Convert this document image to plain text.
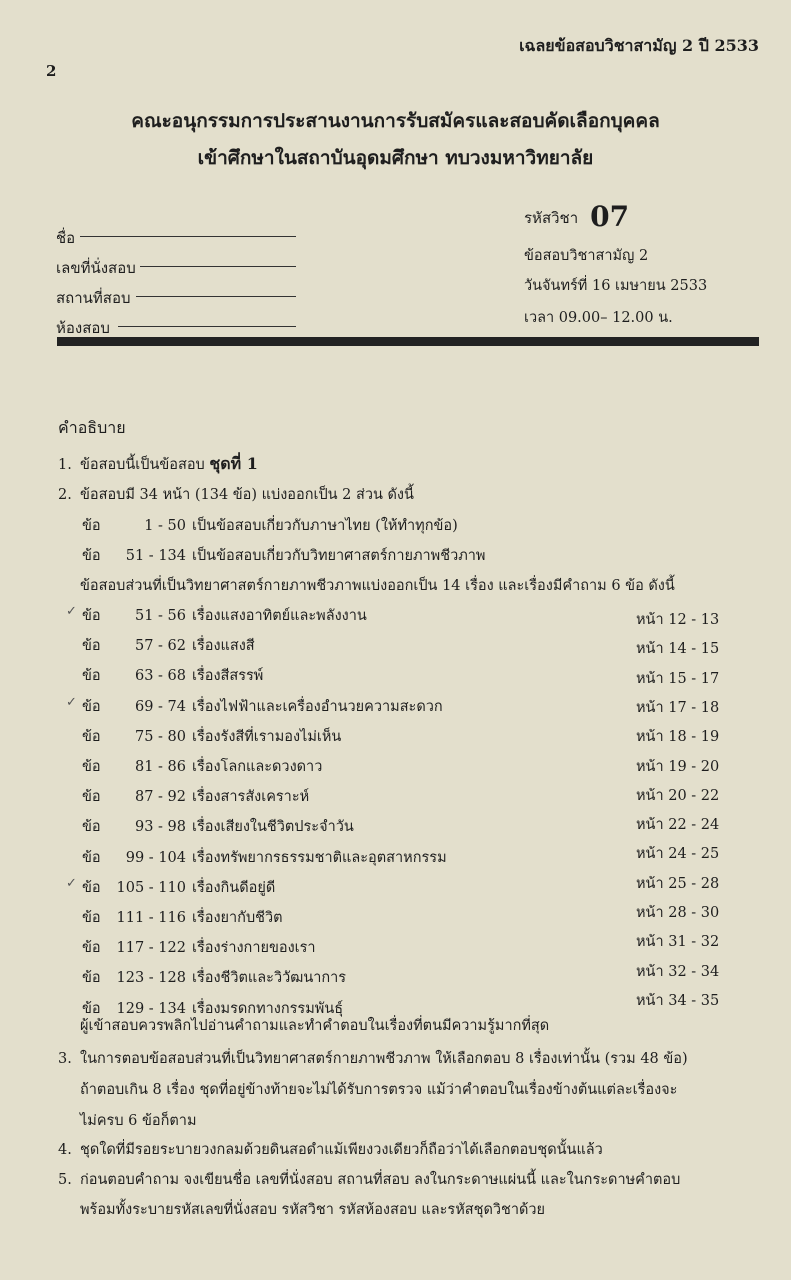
เฉลยข้อสอบวิชาสามัญ 2 ปี 2533
2
คณะอนุกรรมการประสานงานการรับสมัครและสอบคัดเลือกบุคคล
เข้าศึกษาในสถาบันอุดมศึกษา ทบวงมหาวิทยาลัย
ชื่อ
เลขที่นั่งสอบ
สถานที่สอบ
ห้องสอบ
รหัสวิชา 07
ข้อสอบวิชาสามัญ 2
วันจันทร์ที่ 16 เมษายน 2533
เวลา 09.00– 12.00 น.
คำอธิบาย
1. ข้อสอบนี้เป็นข้อสอบ ชุดที่ 1
2. ข้อสอบมี 34 หน้า (134 ข้อ) แบ่งออกเป็น 2 ส่วน ดังนี้
ข้อ	1 - 50 เป็นข้อสอบเกี่ยวกับภาษาไทย (ให้ทำทุกข้อ)
ข้อ 51 - 134 เป็นข้อสอบเกี่ยวกับวิทยาศาสตร์กายภาพชีวภาพ
ข้อสอบส่วนที่เป็นวิทยาศาสตร์กายภาพชีวภาพแบ่งออกเป็น 14 เรื่อง และเรื่องมีคำถาม 6 ข้อ ดังนี้
ข้อ 51 - 56 เรื่องแสงอาทิตย์และพลังงาน	หน้า 12 - 13
✓
ข้อ 57 - 62 เรื่องแสงสี	หน้า 14 - 15
ข้อ 63 - 68 เรื่องสีสรรพ์	หน้า 15 - 17
ข้อ 69 - 74 เรื่องไฟฟ้าและเครื่องอำนวยความสะดวก	หน้า 17 - 18
✓
ข้อ 75 - 80 เรื่องรังสีที่เรามองไม่เห็น	หน้า 18 - 19
ข้อ 81 - 86 เรื่องโลกและดวงดาว	หน้า 19 - 20
ข้อ 87 - 92 เรื่องสารสังเคราะห์	หน้า 20 - 22
ข้อ 93 - 98 เรื่องเสียงในชีวิตประจำวัน	หน้า 22 - 24
ข้อ 99 - 104 เรื่องทรัพยากรธรรมชาติและอุตสาหกรรม	หน้า 24 - 25
ข้อ 105 - 110 เรื่องกินดีอยู่ดี	หน้า 25 - 28
✓
ข้อ 111 - 116 เรื่องยากับชีวิต	หน้า 28 - 30
ข้อ 117 - 122 เรื่องร่างกายของเรา	หน้า 31 - 32
ข้อ 123 - 128 เรื่องชีวิตและวิวัฒนาการ	หน้า 32 - 34
ข้อ 129 - 134 เรื่องมรดกทางกรรมพันธุ์	หน้า 34 - 35
ผู้เข้าสอบควรพลิกไปอ่านคำถามและทำคำตอบในเรื่องที่ตนมีความรู้มากที่สุด
3. ในการตอบข้อสอบส่วนที่เป็นวิทยาศาสตร์กายภาพชีวภาพ ให้เลือกตอบ 8 เรื่องเท่านั้น (รวม 48 ข้อ)
ถ้าตอบเกิน 8 เรื่อง ชุดที่อยู่ข้างท้ายจะไม่ได้รับการตรวจ แม้ว่าคำตอบในเรื่องข้างต้นแต่ละเรื่องจะ
ไม่ครบ 6 ข้อก็ตาม
4. ชุดใดที่มีรอยระบายวงกลมด้วยดินสอดำแม้เพียงวงเดียวก็ถือว่าได้เลือกตอบชุดนั้นแล้ว
5. ก่อนตอบคำถาม จงเขียนชื่อ เลขที่นั่งสอบ สถานที่สอบ ลงในกระดาษแผ่นนี้ และในกระดาษคำตอบ
พร้อมทั้งระบายรหัสเลขที่นั่งสอบ รหัสวิชา รหัสห้องสอบ และรหัสชุดวิชาด้วย
